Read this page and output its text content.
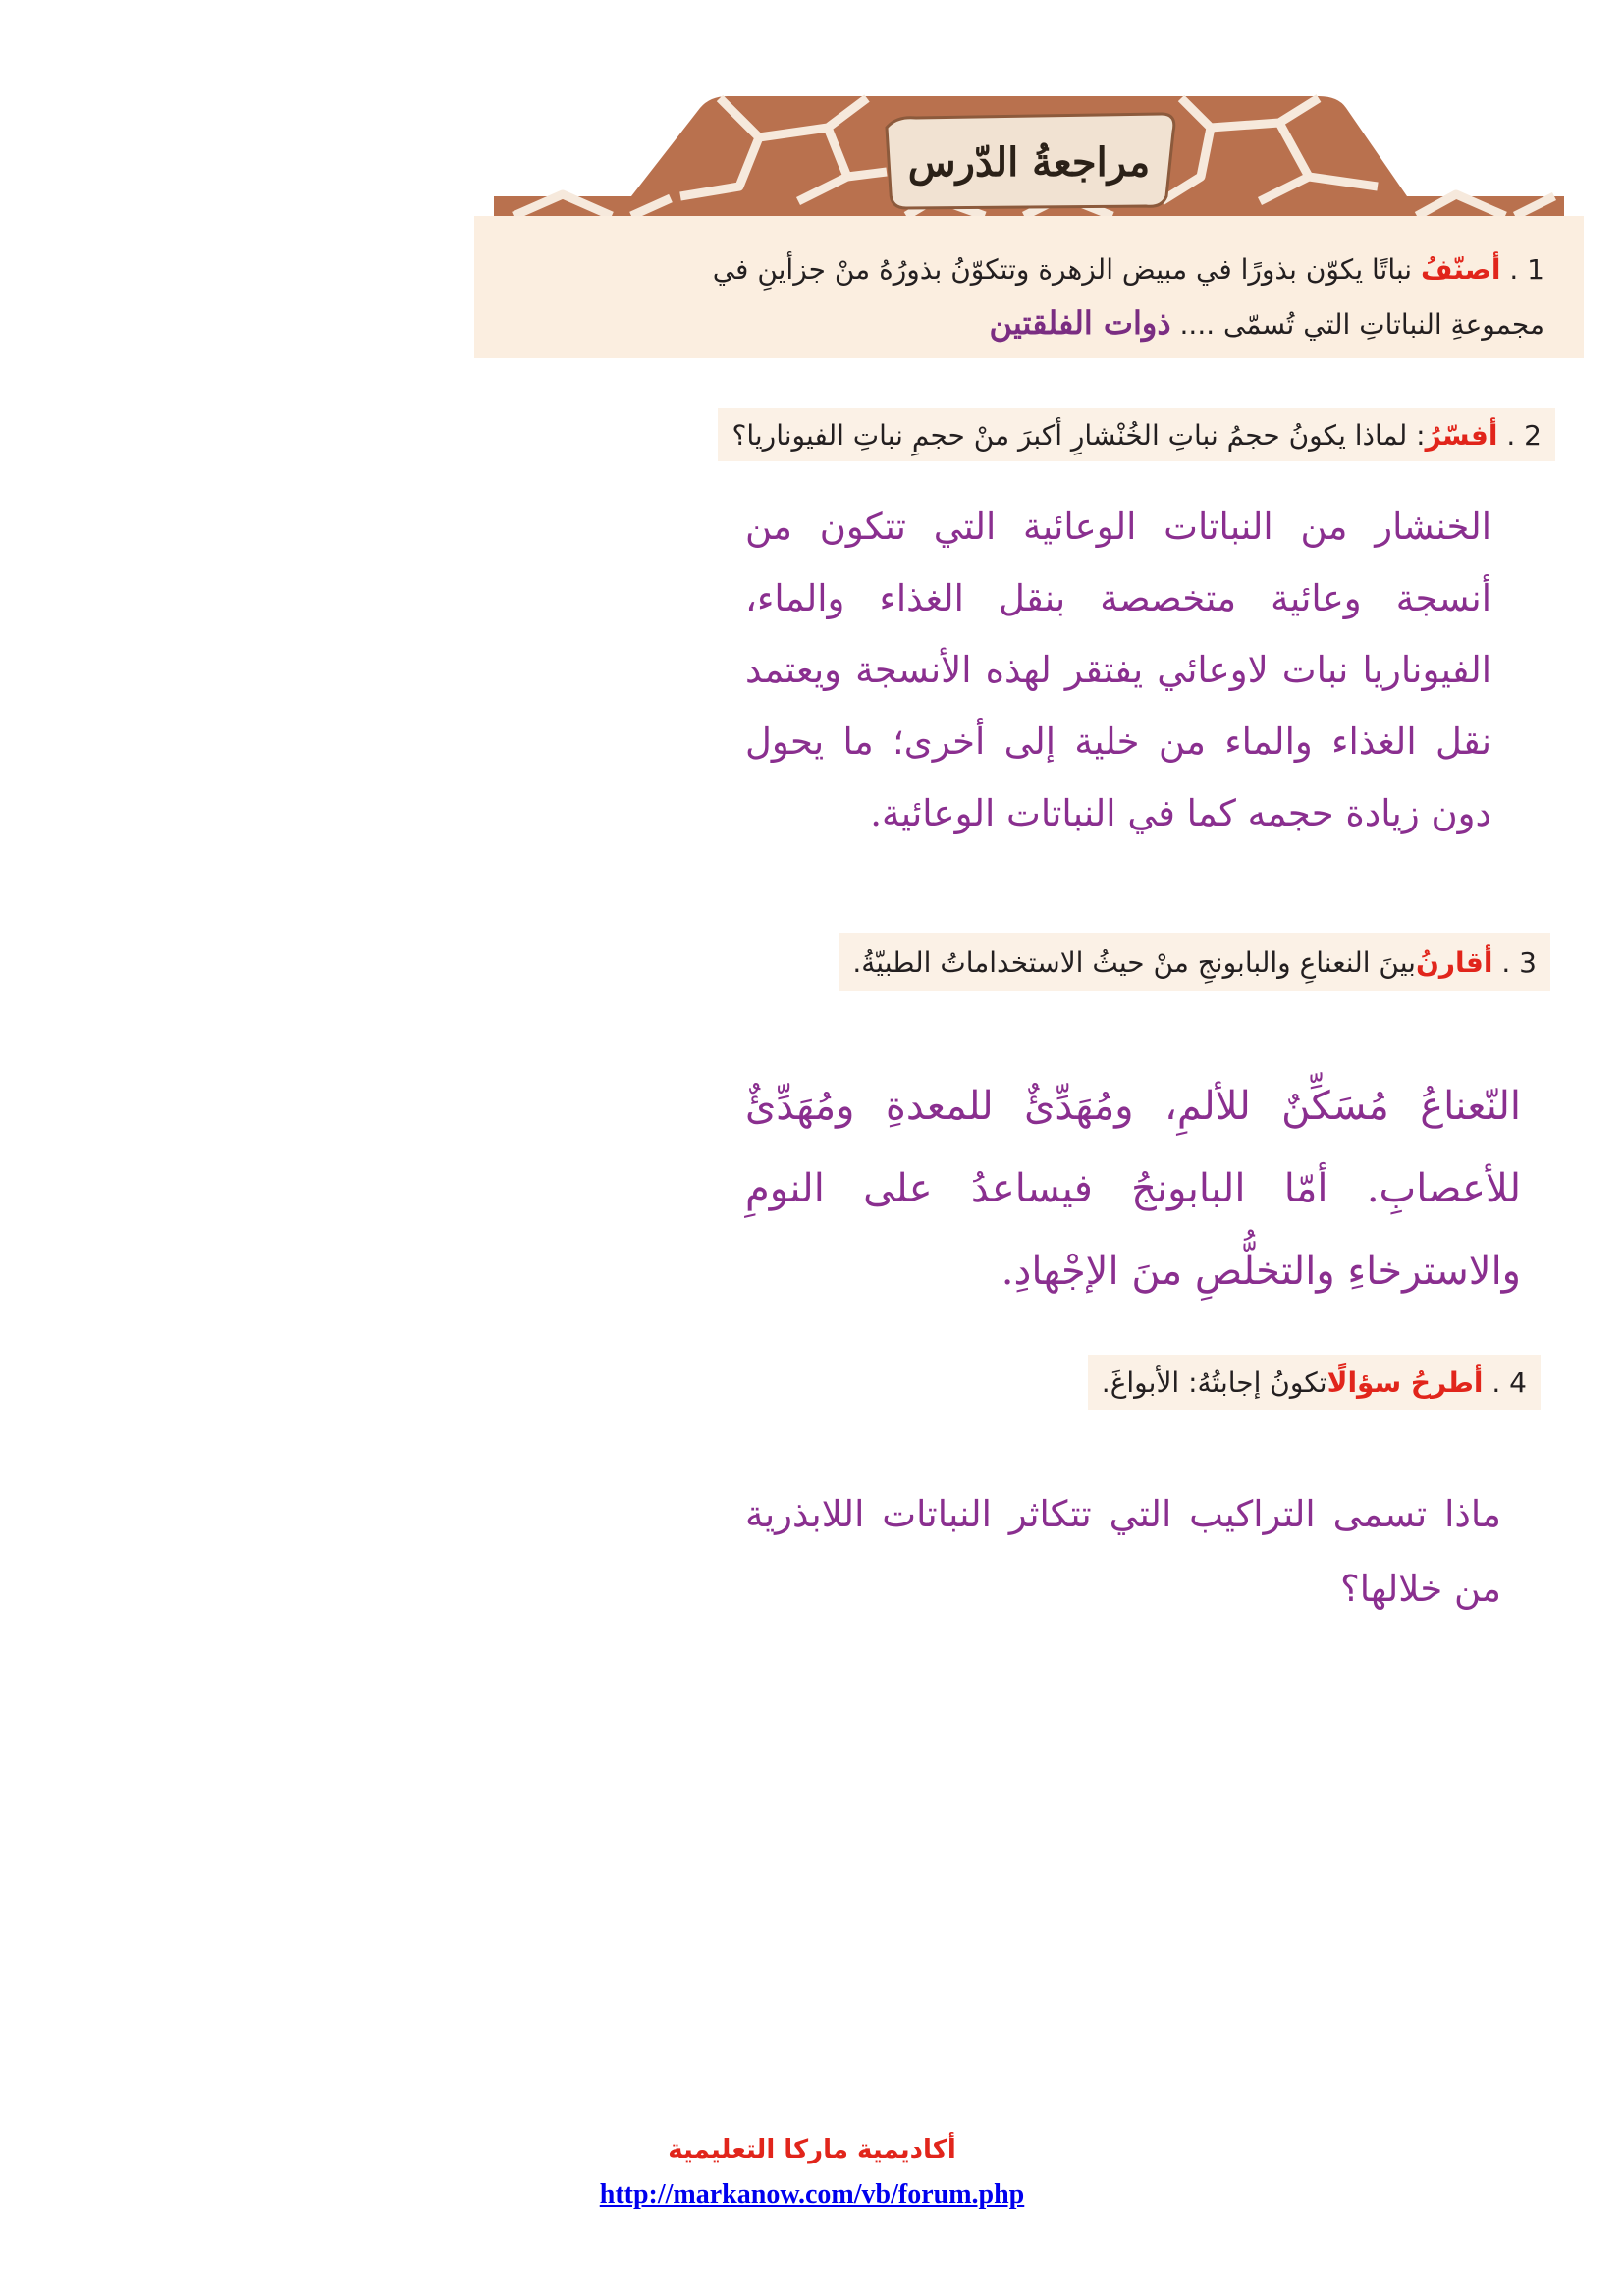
مراجعةُ الدّرس
1 . أصنّفُ نباتًا يكوّن بذورًا في مبيض الزهرة وتتكوّنُ بذورُهُ منْ جزأينِ في
مجموعةِ النباتاتِ التي تُسمّى .... ذوات الفلقتين
2 .

أفسّرُ
: لماذا يكونُ حجمُ نباتِ الخُنْشارِ أكبرَ منْ حجمِ نباتِ الفيوناريا؟
الخنشار من النباتات الوعائية التي تتكون من أنسجة وعائية متخصصة بنقل الغذاء والماء، الفيوناريا نبات لاوعائي يفتقر لهذه الأنسجة ويعتمد نقل الغذاء والماء من خلية إلى أخرى؛ ما يحول دون زيادة حجمه كما في النباتات الوعائية.
3 .

أقارنُ
بينَ النعناعِ والبابونجِ منْ حيثُ الاستخداماتُ الطبيّةُ.
النّعناعُ مُسَكِّنٌ للألمِ، ومُهَدِّئٌ للمعدةِ ومُهَدِّئٌ للأعصابِ. أمّا البابونجُ فيساعدُ على النومِ والاسترخاءِ والتخلُّصِ منَ الإجْهادِ.
4 .

أطرحُ سؤالًا
تكونُ إجابتُهُ: الأبواغَ.
ماذا تسمى التراكيب التي تتكاثر النباتات اللابذرية من خلالها؟
أكاديمية ماركا التعليمية
http://markanow.com/vb/forum.php
